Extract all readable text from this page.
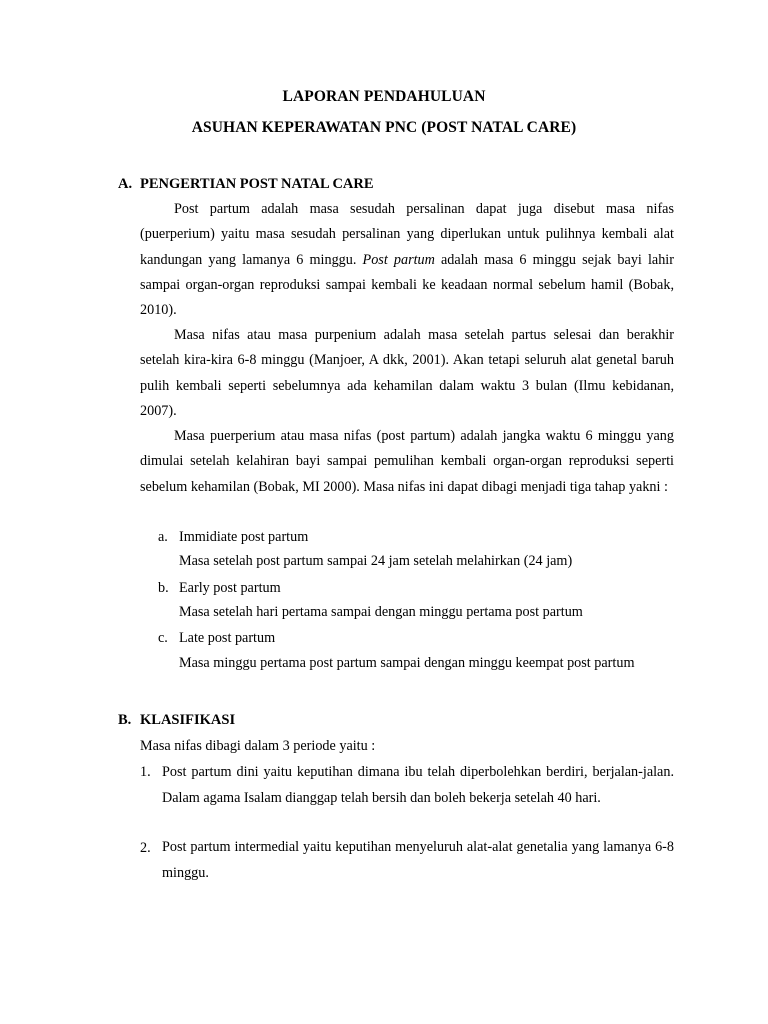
LAPORAN PENDAHULUAN
ASUHAN KEPERAWATAN PNC (POST NATAL CARE)
A. PENGERTIAN POST NATAL CARE

Post partum adalah masa sesudah persalinan dapat juga disebut masa nifas (puerperium) yaitu masa sesudah persalinan yang diperlukan untuk pulihnya kembali alat kandungan yang lamanya 6 minggu. Post partum adalah masa 6 minggu sejak bayi lahir sampai organ-organ reproduksi sampai kembali ke keadaan normal sebelum hamil (Bobak, 2010).

Masa nifas atau masa purpenium adalah masa setelah partus selesai dan berakhir setelah kira-kira 6-8 minggu (Manjoer, A dkk, 2001). Akan tetapi seluruh alat genetal baruh pulih kembali seperti sebelumnya ada kehamilan dalam waktu 3 bulan (Ilmu kebidanan, 2007).

Masa puerperium atau masa nifas (post partum) adalah jangka waktu 6 minggu yang dimulai setelah kelahiran bayi sampai pemulihan kembali organ-organ reproduksi seperti sebelum kehamilan (Bobak, MI 2000). Masa nifas ini dapat dibagi menjadi tiga tahap yakni :

a. Immidiate post partum

Masa setelah post partum sampai 24 jam setelah melahirkan (24 jam)

b. Early post partum

Masa setelah hari pertama sampai dengan minggu pertama post partum

c. Late post partum

Masa minggu pertama post partum sampai dengan minggu keempat post partum

B. KLASIFIKASI
Masa nifas dibagi dalam 3 periode yaitu :
1. Post partum dini yaitu keputihan dimana ibu telah diperbolehkan berdiri, berjalan-jalan. Dalam agama Isalam dianggap telah bersih dan boleh bekerja setelah 40 hari.

2. Post partum intermedial yaitu keputihan menyeluruh alat-alat genetalia yang lamanya 6-8 minggu.
